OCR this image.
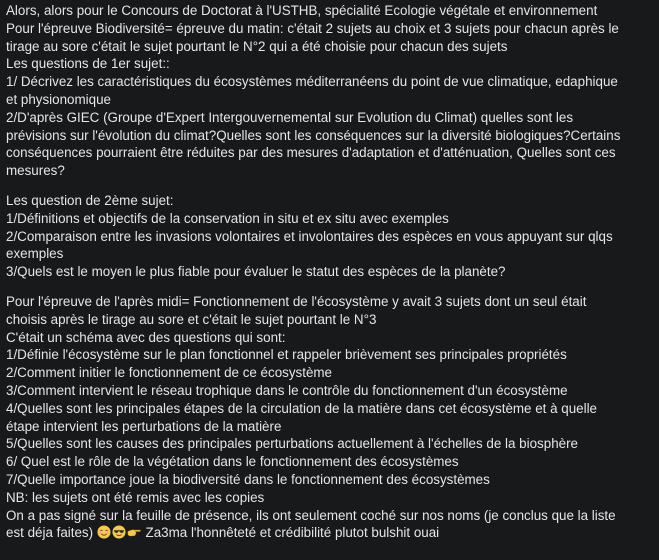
Alors, alors pour le Concours de Doctorat à l'USTHB, spécialité Ecologie végétale et environnement
Pour l'épreuve Biodiversité= épreuve du matin: c'était 2 sujets au choix et 3 sujets pour chacun après le
tirage au sore c'était le sujet pourtant le N°2 qui a été choisie pour chacun des sujets
Les questions de 1er sujet::
1/ Décrivez les caractéristiques du écosystèmes méditerranéens du point de vue climatique, edaphique
et physionomique
2/D'après GIEC (Groupe d'Expert Intergouvernemental sur Evolution du Climat) quelles sont les
prévisions sur l'évolution du climat?Quelles sont les conséquences sur la diversité biologiques?Certains
conséquences pourraient être réduites par des mesures d'adaptation et d'atténuation, Quelles sont ces
mesures?
Les question de 2ème sujet:
1/Définitions et objectifs de la conservation in situ et ex situ avec exemples
2/Comparaison entre les invasions volontaires et involontaires des espèces en vous appuyant sur qlqs
exemples
3/Quels est le moyen le plus fiable pour évaluer le statut des espèces de la planète?
Pour l'épreuve de l'après midi= Fonctionnement de l'écosystème y avait 3 sujets dont un seul était
choisis après le tirage au sore et c'était le sujet pourtant le N°3
C'était un schéma avec des questions qui sont:
1/Définie l'écosystème sur le plan fonctionnel et rappeler brièvement ses principales propriétés
2/Comment initier le fonctionnement de ce écosystème
3/Comment intervient le réseau trophique dans le contrôle du fonctionnement d'un écosystème
4/Quelles sont les principales étapes de la circulation de la matière dans cet écosystème et à quelle
étape intervient les perturbations de la matière
5/Quelles sont les causes des principales perturbations actuellement à l'échelles de la biosphère
6/ Quel est le rôle de la végétation dans le fonctionnement des écosystèmes
7/Quelle importance joue la biodiversité dans le fonctionnement des écosystèmes
NB: les sujets ont été remis avec les copies
On a pas signé sur la feuille de présence, ils ont seulement coché sur nos noms (je conclus que la liste
est déja faites)	Za3ma l'honnêteté et crédibilité plutot bulshit ouai
